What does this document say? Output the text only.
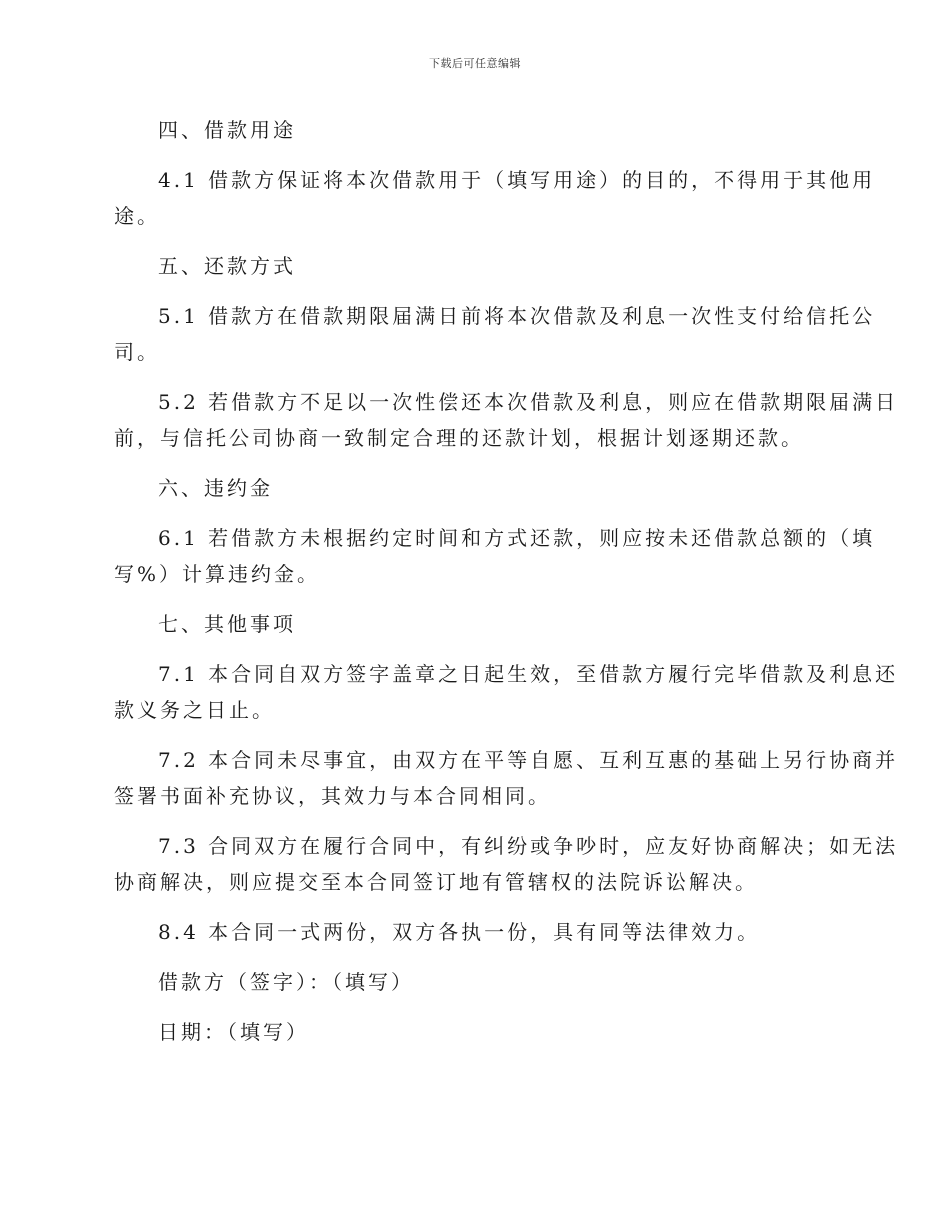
下载后可任意编辑

四、借款用途

4.1 借款方保证将本次借款用于（填写用途）的目的，不得用于其他用

途。

五、还款方式

5.1 借款方在借款期限届满日前将本次借款及利息一次性支付给信托公

司。

5.2 若借款方不足以一次性偿还本次借款及利息，则应在借款期限届满日

前，与信托公司协商一致制定合理的还款计划，根据计划逐期还款。

六、违约金

6.1 若借款方未根据约定时间和方式还款，则应按未还借款总额的（填

写%）计算违约金。

七、其他事项

7.1 本合同自双方签字盖章之日起生效，至借款方履行完毕借款及利息还

款义务之日止。

7.2 本合同未尽事宜，由双方在平等自愿、互利互惠的基础上另行协商并

签署书面补充协议，其效力与本合同相同。

7.3 合同双方在履行合同中，有纠纷或争吵时，应友好协商解决；如无法

协商解决，则应提交至本合同签订地有管辖权的法院诉讼解决。

8.4 本合同一式两份，双方各执一份，具有同等法律效力。

借款方（签字）：（填写）

日期：（填写）
